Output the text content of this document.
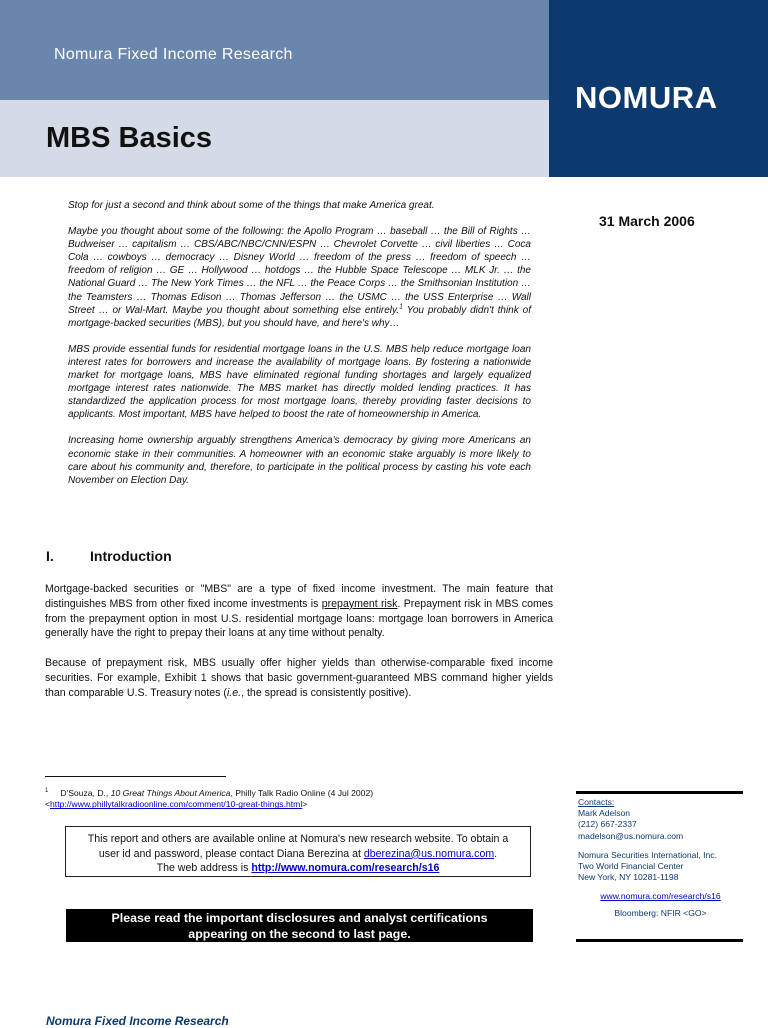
Nomura Fixed Income Research
MBS Basics
NOMURA
31 March 2006

Stop for just a second and think about some of the things that make America great.

Maybe you thought about some of the following: the Apollo Program … baseball … the Bill of Rights … Budweiser … capitalism … CBS/ABC/NBC/CNN/ESPN … Chevrolet Corvette … civil liberties … Coca Cola … cowboys … democracy … Disney World … freedom of the press … freedom of speech … freedom of religion … GE … Hollywood … hotdogs … the Hubble Space Telescope … MLK Jr. … the National Guard … The New York Times … the NFL … the Peace Corps … the Smithsonian Institution … the Teamsters … Thomas Edison … Thomas Jefferson … the USMC … the USS Enterprise … Wall Street … or Wal-Mart. Maybe you thought about something else entirely.$^1$ You probably didn't think of mortgage-backed securities (MBS), but you should have, and here's why…

MBS provide essential funds for residential mortgage loans in the U.S. MBS help reduce mortgage loan interest rates for borrowers and increase the availability of mortgage loans. By fostering a nationwide market for mortgage loans, MBS have eliminated regional funding shortages and largely equalized mortgage interest rates nationwide. The MBS market has directly molded lending practices. It has standardized the application process for most mortgage loans, thereby providing faster decisions to applicants. Most important, MBS have helped to boost the rate of homeownership in America.

Increasing home ownership arguably strengthens America's democracy by giving more Americans an economic stake in their communities. A homeowner with an economic stake arguably is more likely to care about his community and, therefore, to participate in the political process by casting his vote each November on Election Day.

I.	Introduction

Mortgage-backed securities or "MBS" are a type of fixed income investment. The main feature that distinguishes MBS from other fixed income investments is prepayment risk. Prepayment risk in MBS comes from the prepayment option in most U.S. residential mortgage loans: mortgage loan borrowers in America generally have the right to prepay their loans at any time without penalty.

Because of prepayment risk, MBS usually offer higher yields than otherwise-comparable fixed income securities. For example, Exhibit 1 shows that basic government-guaranteed MBS command higher yields than comparable U.S. Treasury notes (i.e., the spread is consistently positive).

$^1$ D'Souza, D., 10 Great Things About America, Philly Talk Radio Online (4 Jul 2002)
<http://www.phillytalkradioonline.com/comment/10-great-things.html>
This report and others are available online at Nomura's new research website. To obtain a
user id and password, please contact Diana Berezina at dberezina@us.nomura.com.
The web address is http://www.nomura.com/research/s16
Please read the important disclosures and analyst certifications
appearing on the second to last page.
Contacts:
Mark Adelson
(212) 667-2337
madelson@us.nomura.com
Nomura Securities International, Inc.
Two World Financial Center
New York, NY 10281-1198
www.nomura.com/research/s16
Bloomberg: NFIR <GO>
Nomura Fixed Income Research
